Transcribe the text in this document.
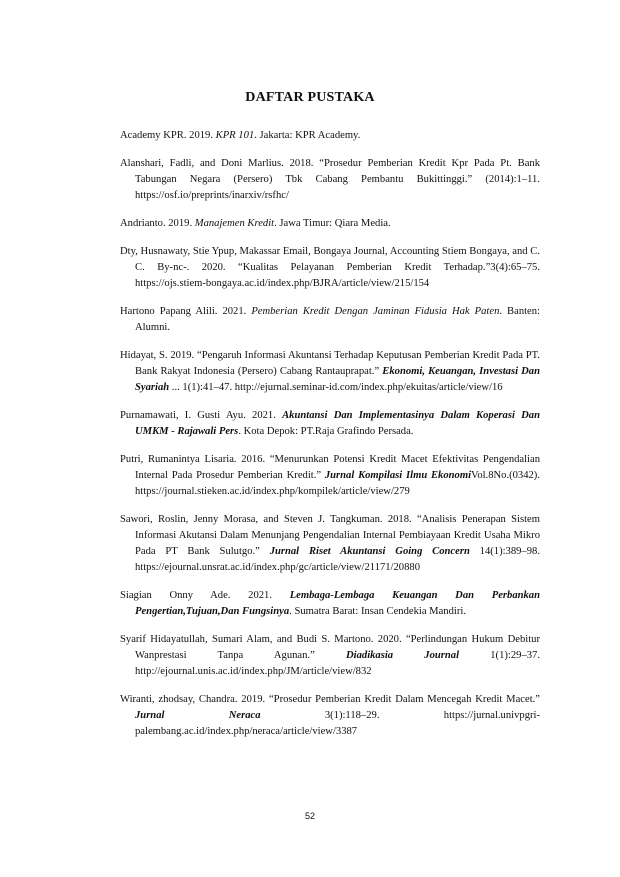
DAFTAR PUSTAKA
Academy KPR. 2019. KPR 101. Jakarta: KPR Academy.
Alanshari, Fadli, and Doni Marlius. 2018. “Prosedur Pemberian Kredit Kpr Pada Pt. Bank Tabungan Negara (Persero) Tbk Cabang Pembantu Bukittinggi.” (2014):1–11. https://osf.io/preprints/inarxiv/rsfhc/
Andrianto. 2019. Manajemen Kredit. Jawa Timur: Qiara Media.
Dty, Husnawaty, Stie Ypup, Makassar Email, Bongaya Journal, Accounting Stiem Bongaya, and C. C. By-nc-. 2020. “Kualitas Pelayanan Pemberian Kredit Terhadap.”3(4):65–75. https://ojs.stiem-bongaya.ac.id/index.php/BJRA/article/view/215/154
Hartono Papang Alili. 2021. Pemberian Kredit Dengan Jaminan Fidusia Hak Paten. Banten: Alumni.
Hidayat, S. 2019. “Pengaruh Informasi Akuntansi Terhadap Keputusan Pemberian Kredit Pada PT. Bank Rakyat Indonesia (Persero) Cabang Rantauprapat.” Ekonomi, Keuangan, Investasi Dan Syariah ... 1(1):41–47. http://ejurnal.seminar-id.com/index.php/ekuitas/article/view/16
Purnamawati, I. Gusti Ayu. 2021. Akuntansi Dan Implementasinya Dalam Koperasi Dan UMKM - Rajawali Pers. Kota Depok: PT.Raja Grafindo Persada.
Putri, Rumanintya Lisaria. 2016. “Menurunkan Potensi Kredit Macet Efektivitas Pengendalian Internal Pada Prosedur Pemberian Kredit.” Jurnal Kompilasi Ilmu EkonomiVol.8No.(0342). https://journal.stieken.ac.id/index.php/kompilek/article/view/279
Sawori, Roslin, Jenny Morasa, and Steven J. Tangkuman. 2018. “Analisis Penerapan Sistem Informasi Akutansi Dalam Menunjang Pengendalian Internal Pembiayaan Kredit Usaha Mikro Pada PT Bank Sulutgo.” Jurnal Riset Akuntansi Going Concern 14(1):389–98. https://ejournal.unsrat.ac.id/index.php/gc/article/view/21171/20880
Siagian Onny Ade. 2021. Lembaga-Lembaga Keuangan Dan Perbankan Pengertian,Tujuan,Dan Fungsinya. Sumatra Barat: Insan Cendekia Mandiri.
Syarif Hidayatullah, Sumari Alam, and Budi S. Martono. 2020. “Perlindungan Hukum Debitur Wanprestasi Tanpa Agunan.” Diadikasia Journal 1(1):29–37. http://ejournal.unis.ac.id/index.php/JM/article/view/832
Wiranti, zhodsay, Chandra. 2019. “Prosedur Pemberian Kredit Dalam Mencegah Kredit Macet.” Jurnal Neraca 3(1):118–29. https://jurnal.univpgri-palembang.ac.id/index.php/neraca/article/view/3387
52
